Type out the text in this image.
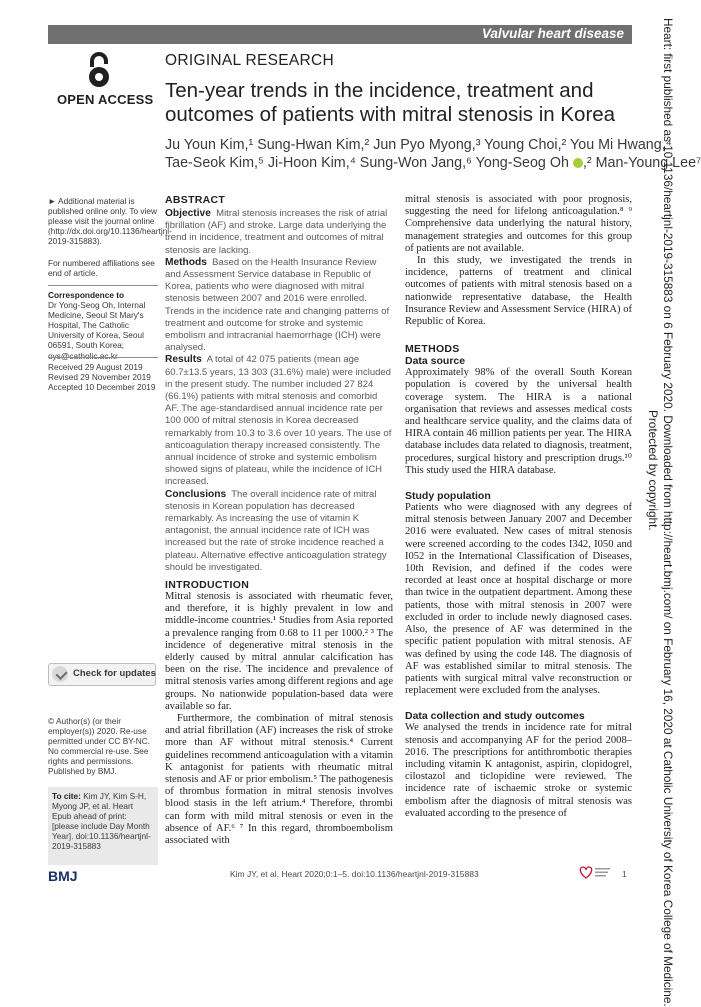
Valvular heart disease
OPEN ACCESS
► Additional material is published online only. To view please visit the journal online (http://dx.doi.org/10.1136/heartjnl-2019-315883).
For numbered affiliations see end of article.
Correspondence to
Dr Yong-Seog Oh, Internal Medicine, Seoul St Mary's Hospital, The Catholic University of Korea, Seoul 06591, South Korea; oys@catholic.ac.kr
Received 29 August 2019
Revised 29 November 2019
Accepted 10 December 2019
Check for updates
© Author(s) (or their employer(s)) 2020. Re-use permitted under CC BY-NC. No commercial re-use. See rights and permissions. Published by BMJ.
To cite: Kim JY, Kim S-H, Myong JP, et al. Heart Epub ahead of print: [please include Day Month Year]. doi:10.1136/heartjnl-2019-315883
BMJ
ORIGINAL RESEARCH
Ten-year trends in the incidence, treatment and
outcomes of patients with mitral stenosis in Korea
Ju Youn Kim,¹ Sung-Hwan Kim,² Jun Pyo Myong,³ Young Choi,² You Mi Hwang,⁴
Tae-Seok Kim,⁵ Ji-Hoon Kim,⁴ Sung-Won Jang,⁶ Yong-Seog Oh ,² Man-Young Lee⁷
ABSTRACT
Objective Mitral stenosis increases the risk of atrial fibrillation (AF) and stroke. Large data underlying the trend in incidence, treatment and outcomes of mitral stenosis are lacking.
Methods Based on the Health Insurance Review and Assessment Service database in Republic of Korea, patients who were diagnosed with mitral stenosis between 2007 and 2016 were enrolled. Trends in the incidence rate and changing patterns of treatment and outcome for stroke and systemic embolism and intracranial haemorrhage (ICH) were analysed.
Results A total of 42 075 patients (mean age 60.7±13.5 years, 13 303 (31.6%) male) were included in the present study. The number included 27 824 (66.1%) patients with mitral stenosis and comorbid AF. The age-standardised annual incidence rate per 100 000 of mitral stenosis in Korea decreased remarkably from 10.3 to 3.6 over 10 years. The use of anticoagulation therapy increased consistently. The annual incidence of stroke and systemic embolism showed signs of plateau, while the incidence of ICH increased.
Conclusions The overall incidence rate of mitral stenosis in Korean population has decreased remarkably. As increasing the use of vitamin K antagonist, the annual incidence rate of ICH was increased but the rate of stroke incidence reached a plateau. Alternative effective anticoagulation strategy should be investigated.
INTRODUCTION

Mitral stenosis is associated with rheumatic fever, and therefore, it is highly prevalent in low and middle-income countries.¹ Studies from Asia reported a prevalence ranging from 0.68 to 11 per 1000.² ³ The incidence of degenerative mitral stenosis in the elderly caused by mitral annular calcification has been on the rise. The incidence and prevalence of mitral stenosis varies among different regions and age groups. No nationwide population-based data were available so far.

Furthermore, the combination of mitral stenosis and atrial fibrillation (AF) increases the risk of stroke more than AF without mitral stenosis.⁴ Current guidelines recommend anticoagulation with a vitamin K antagonist for patients with rheumatic mitral stenosis and AF or prior embolism.⁵ The pathogenesis of thrombus formation in mitral stenosis involves blood stasis in the left atrium.⁴ Therefore, thrombi can form with mild mitral stenosis or even in the absence of AF.⁶ ⁷ In this regard, thromboembolism associated with

mitral stenosis is associated with poor prognosis, suggesting the need for lifelong anticoagulation.⁸ ⁹ Comprehensive data underlying the natural history, management strategies and outcomes for this group of patients are not available.

In this study, we investigated the trends in incidence, patterns of treatment and clinical outcomes of patients with mitral stenosis based on a nationwide representative database, the Health Insurance Review and Assessment Service (HIRA) of Republic of Korea.

METHODS
Data source

Approximately 98% of the overall South Korean population is covered by the universal health coverage system. The HIRA is a national organisation that reviews and assesses medical costs and healthcare service quality, and the claims data of HIRA contain 46 million patients per year. The HIRA database includes data related to diagnosis, treatment, procedures, surgical history and prescription drugs.¹⁰ This study used the HIRA database.

Study population

Patients who were diagnosed with any degrees of mitral stenosis between January 2007 and December 2016 were evaluated. New cases of mitral stenosis were screened according to the codes I342, I050 and I052 in the International Classification of Diseases, 10th Revision, and defined if the codes were recorded at least once at hospital discharge or more than twice in the outpatient department. Among these patients, those with mitral stenosis in 2007 were excluded in order to include newly diagnosed cases. Also, the presence of AF was determined in the specific patient population with mitral stenosis. AF was defined by using the code I48. The diagnosis of AF was established similar to mitral stenosis. The patients with surgical mitral valve reconstruction or replacement were excluded from the analyses.

Data collection and study outcomes

We analysed the trends in incidence rate for mitral stenosis and accompanying AF for the period 2008–2016. The prescriptions for antithrombotic therapies including vitamin K antagonist, aspirin, clopidogrel, cilostazol and ticlopidine were reviewed. The incidence rate of ischaemic stroke or systemic embolism after the diagnosis of mitral stenosis was evaluated according to the presence of

Kim JY, et al. Heart 2020;0:1–5. doi:10.1136/heartjnl-2019-315883	1	Heart: first published as 10.1136/heartjnl-2019-315883 on 6 February 2020. Downloaded from http://heart.bmj.com/ on February 16, 2020 at Catholic University of Korea College of Medicine.
Protected by copyright.
